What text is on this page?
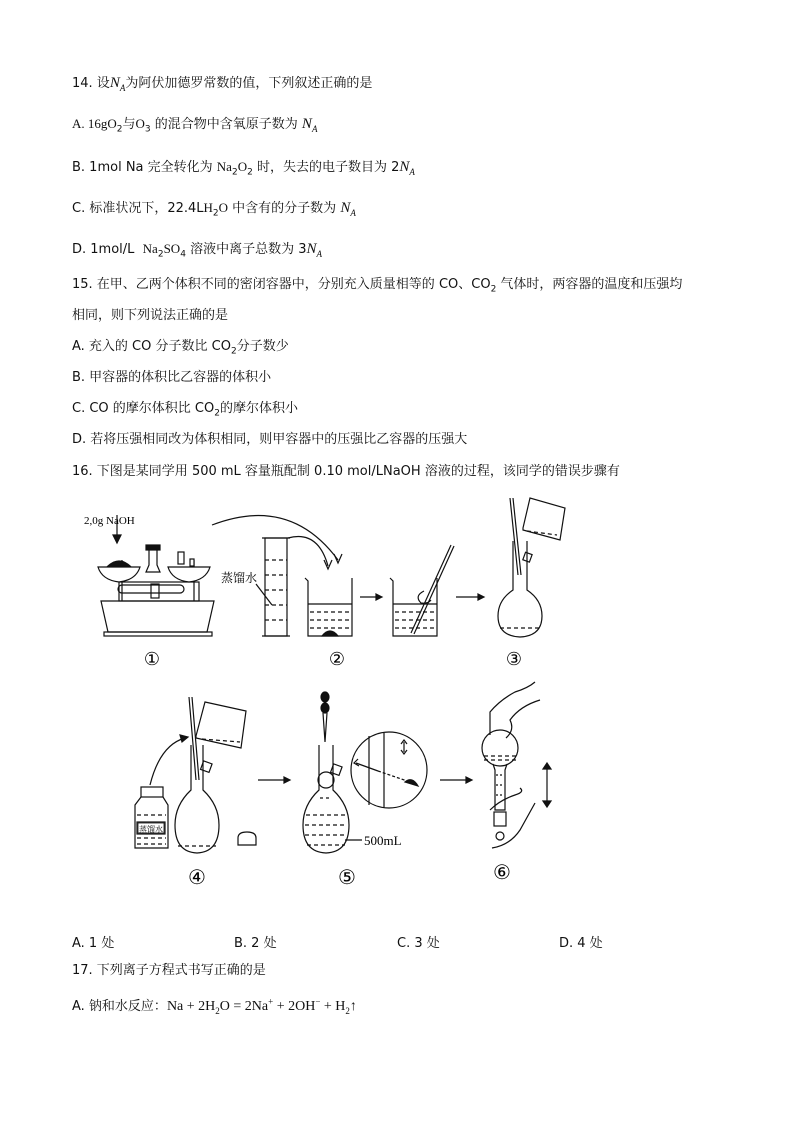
14. 设$N_A$为阿伏加德罗常数的值，下列叙述正确的是
A. $16gO_2$与$O_3$ 的混合物中含氧原子数为 $N_A$
B. 1mol Na 完全转化为 $Na_2O_2$ 时，失去的电子数目为 $2N_A$
C. 标准状况下，$22.4LH_2O$ 中含有的分子数为 $N_A$
D. 1mol/L  $Na_2SO_4$ 溶液中离子总数为 $3N_A$
15. 在甲、乙两个体积不同的密闭容器中，分别充入质量相等的 CO、$CO_2$ 气体时，两容器的温度和压强均
相同，则下列说法正确的是
A. 充入的 CO 分子数比 $CO_2$分子数少
B. 甲容器的体积比乙容器的体积小
C. CO 的摩尔体积比 $CO_2$的摩尔体积小
D. 若将压强相同改为体积相同，则甲容器中的压强比乙容器的压强大
16. 下图是某同学用 500 mL 容量瓶配制 0.10 mol/LNaOH 溶液的过程，该同学的错误步骤有
2,0g NaOH
蒸馏水
①	②	③
蒸馏水
500mL
④	⑤	⑥
A. 1 处	B. 2 处	C. 3 处	D. 4 处
17. 下列离子方程式书写正确的是
A. 钠和水反应：$Na + 2H_2O = 2Na^+ + 2OH^-$ + $H_2↑$
